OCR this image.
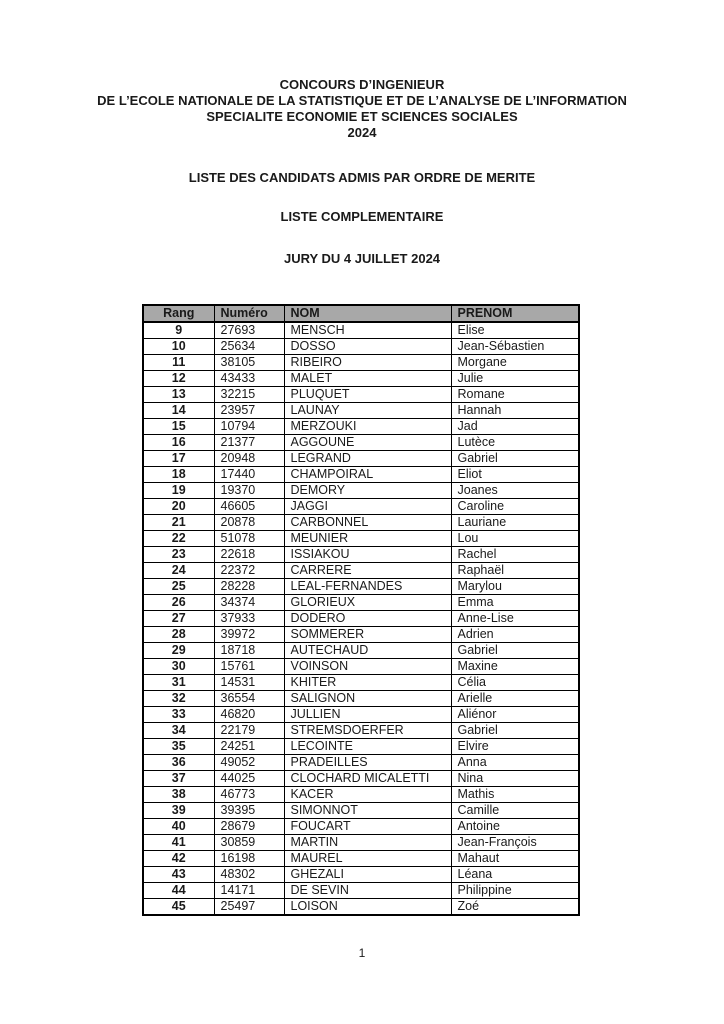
CONCOURS D’INGENIEUR
DE L’ECOLE NATIONALE DE LA STATISTIQUE ET DE L’ANALYSE DE L’INFORMATION
SPECIALITE ECONOMIE ET SCIENCES SOCIALES
2024
LISTE DES CANDIDATS ADMIS PAR ORDRE DE MERITE
LISTE COMPLEMENTAIRE
JURY DU 4 JUILLET 2024
Rang	Numéro	NOM	PRENOM
9	27693	MENSCH	Elise
10	25634	DOSSO	Jean-Sébastien
11	38105	RIBEIRO	Morgane
12	43433	MALET	Julie
13	32215	PLUQUET	Romane
14	23957	LAUNAY	Hannah
15	10794	MERZOUKI	Jad
16	21377	AGGOUNE	Lutèce
17	20948	LEGRAND	Gabriel
18	17440	CHAMPOIRAL	Eliot
19	19370	DEMORY	Joanes
20	46605	JAGGI	Caroline
21	20878	CARBONNEL	Lauriane
22	51078	MEUNIER	Lou
23	22618	ISSIAKOU	Rachel
24	22372	CARRERE	Raphaël
25	28228	LEAL-FERNANDES	Marylou
26	34374	GLORIEUX	Emma
27	37933	DODERO	Anne-Lise
28	39972	SOMMERER	Adrien
29	18718	AUTECHAUD	Gabriel
30	15761	VOINSON	Maxine
31	14531	KHITER	Célia
32	36554	SALIGNON	Arielle
33	46820	JULLIEN	Aliénor
34	22179	STREMSDOERFER	Gabriel
35	24251	LECOINTE	Elvire
36	49052	PRADEILLES	Anna
37	44025	CLOCHARD MICALETTI	Nina
38	46773	KACER	Mathis
39	39395	SIMONNOT	Camille
40	28679	FOUCART	Antoine
41	30859	MARTIN	Jean-François
42	16198	MAUREL	Mahaut
43	48302	GHEZALI	Léana
44	14171	DE SEVIN	Philippine
45	25497	LOISON	Zoé
1
